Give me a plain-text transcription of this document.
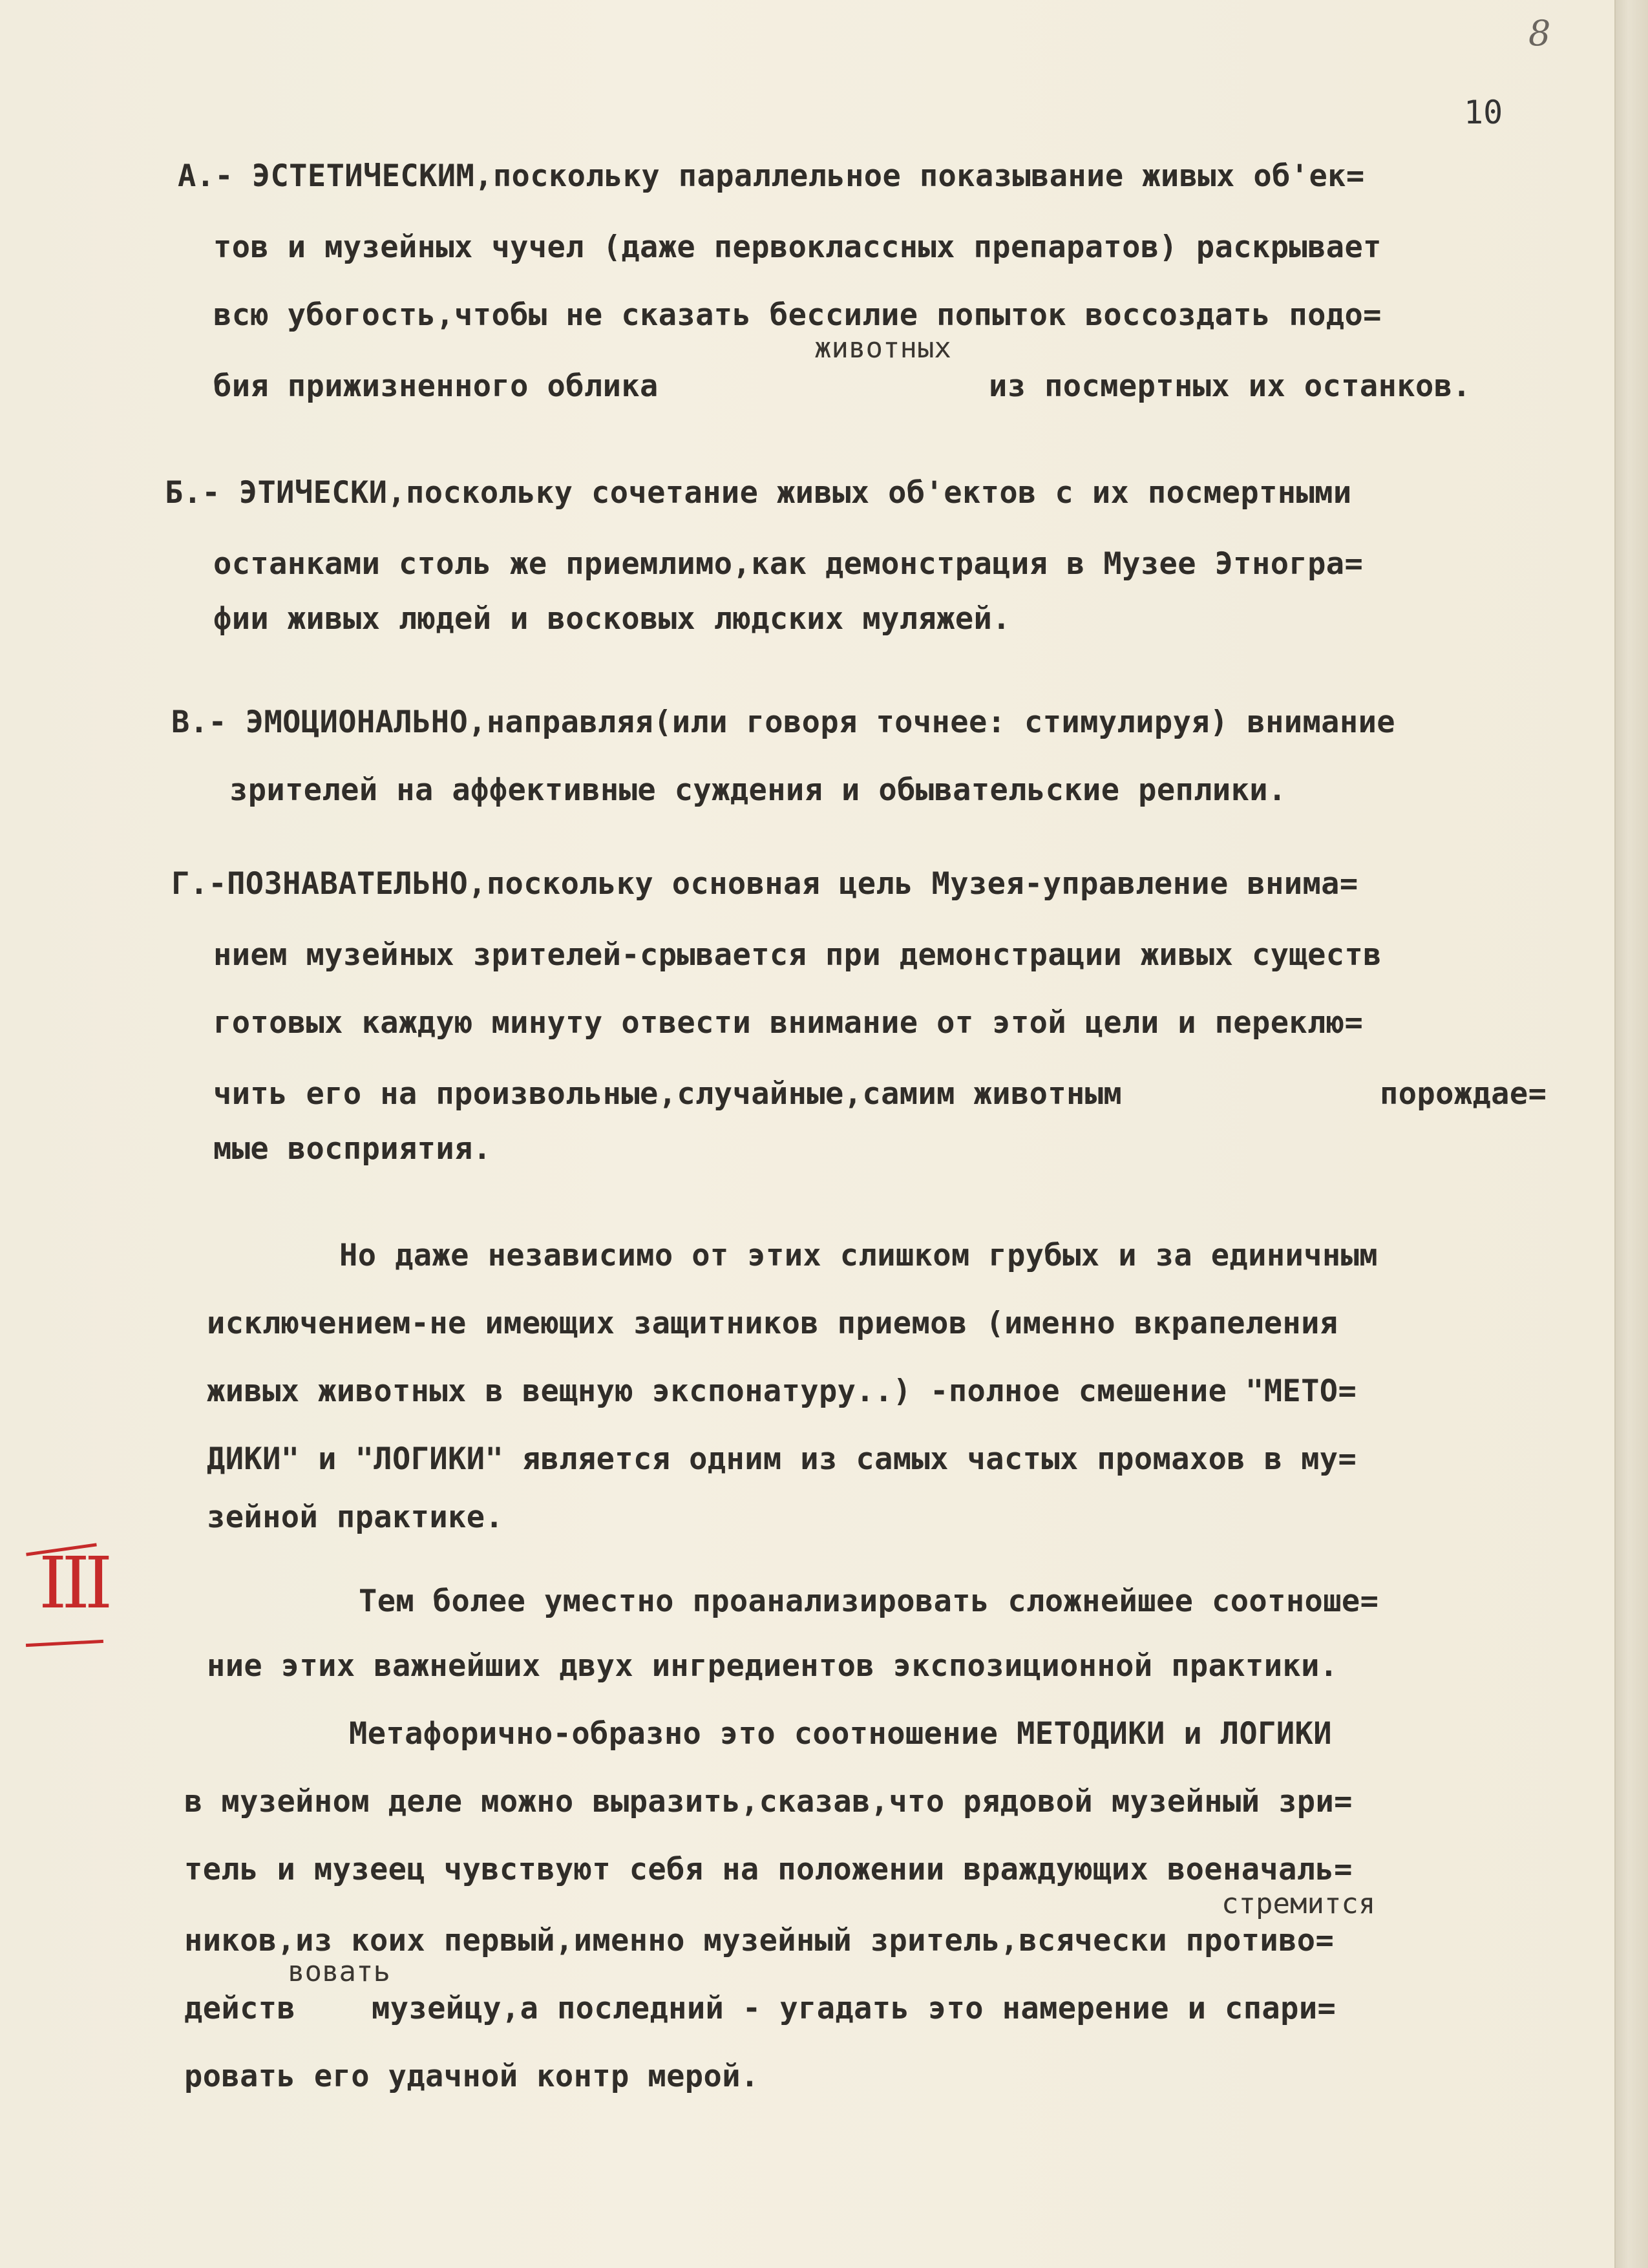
8
10
А.- ЭСТЕТИЧЕСКИМ,поскольку параллельное показывание живых об'ек=
тов и музейных чучел (даже первоклассных препаратов) раскрывает
всю убогость,чтобы не сказать бессилие попыток воссоздать подо=
животных
бия прижизненного облика	из посмертных их останков.
Б.- ЭТИЧЕСКИ,поскольку сочетание живых об'ектов с их посмертными
останками столь же приемлимо,как демонстрация в Музее Этногра=
фии живых людей и восковых людских муляжей.
В.- ЭМОЦИОНАЛЬНО,направляя(или говоря точнее: стимулируя) внимание
зрителей на аффективные суждения и обывательские реплики.
Г.-ПОЗНАВАТЕЛЬНО,поскольку основная цель Музея-управление внима=
нием музейных зрителей-срывается при демонстрации живых существ
готовых каждую минуту отвести внимание от этой цели и переклю=
чить его на произвольные,случайные,самим животным	порождае=
мые восприятия.
Но даже независимо от этих слишком грубых и за единичным
исключением-не имеющих защитников приемов (именно вкрапеления
живых животных в вещную экспонатуру..) -полное смешение "МЕТО=
ДИКИ" и "ЛОГИКИ" является одним из самых частых промахов в му=
зейной практике.
III	Тем более уместно проанализировать сложнейшее соотноше=
ние этих важнейших двух ингредиентов экспозиционной практики.
Метафорично-образно это соотношение МЕТОДИКИ и ЛОГИКИ
в музейном деле можно выразить,сказав,что рядовой музейный зри=
тель и музеец чувствуют себя на положении враждующих военачаль=
стремится
ников,из коих первый,именно музейный зритель,всячески противо=
вовать
действ	музейцу,а последний - угадать это намерение и спари=
ровать его удачной контр мерой.
